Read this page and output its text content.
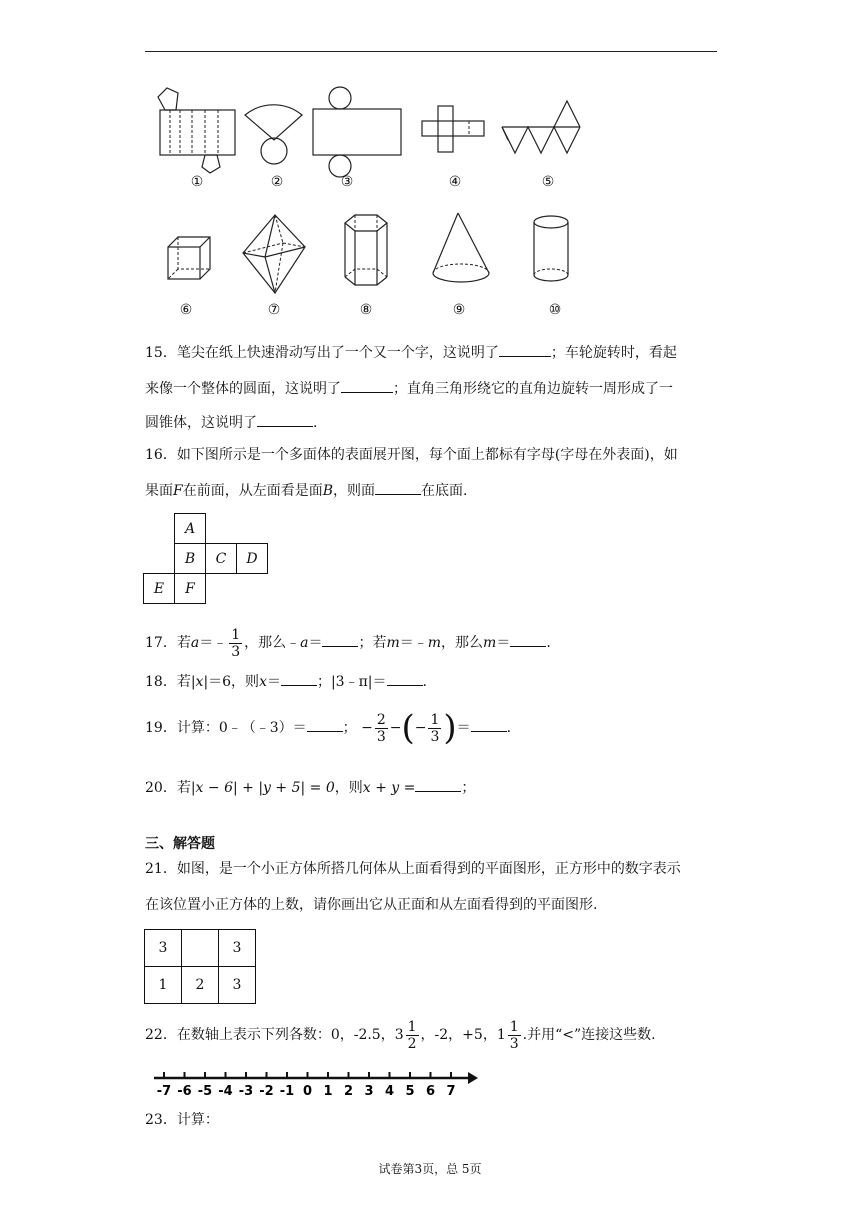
①	②	③	④	⑤
⑥	⑦	⑧	⑨	⑩
15．笔尖在纸上快速滑动写出了一个又一个字，这说明了	；车轮旋转时，看起
来像一个整体的圆面，这说明了	；直角三角形绕它的直角边旋转一周形成了一
圆锥体，这说明了	.
16．如下图所示是一个多面体的表面展开图，每个面上都标有字母(字母在外表面)，如
果面F在前面，从左面看是面B，则面	在底面.
	A		
	B	C	D
E	F		
17．若a＝﹣ $\frac{1}{3}$ ，那么﹣a＝	；若m＝﹣m，那么m＝	.
18．若|x|＝6，则x＝	；|3﹣π|＝	.
19．计算：0﹣（﹣3）＝	； − $\frac{2}{3}$ −(− $\frac{1}{3}$ )＝	.
20．若|x − 6| + |y + 5| = 0，则x + y =	；
三、解答题
21．如图，是一个小正方体所搭几何体从上面看得到的平面图形，正方形中的数字表示
在该位置小正方体的上数，请你画出它从正面和从左面看得到的平面图形.
3		3
1	2	3
22．在数轴上表示下列各数：0，-2.5，$3 \frac{1}{2}$ ，-2，+5，$1 \frac{1}{3}$ .并用“<”连接这些数.
-7 -6 -5 -4 -3 -2 -1 0 1 2 3 4 5 6 7
23．计算：
试卷第3页，总 5页
